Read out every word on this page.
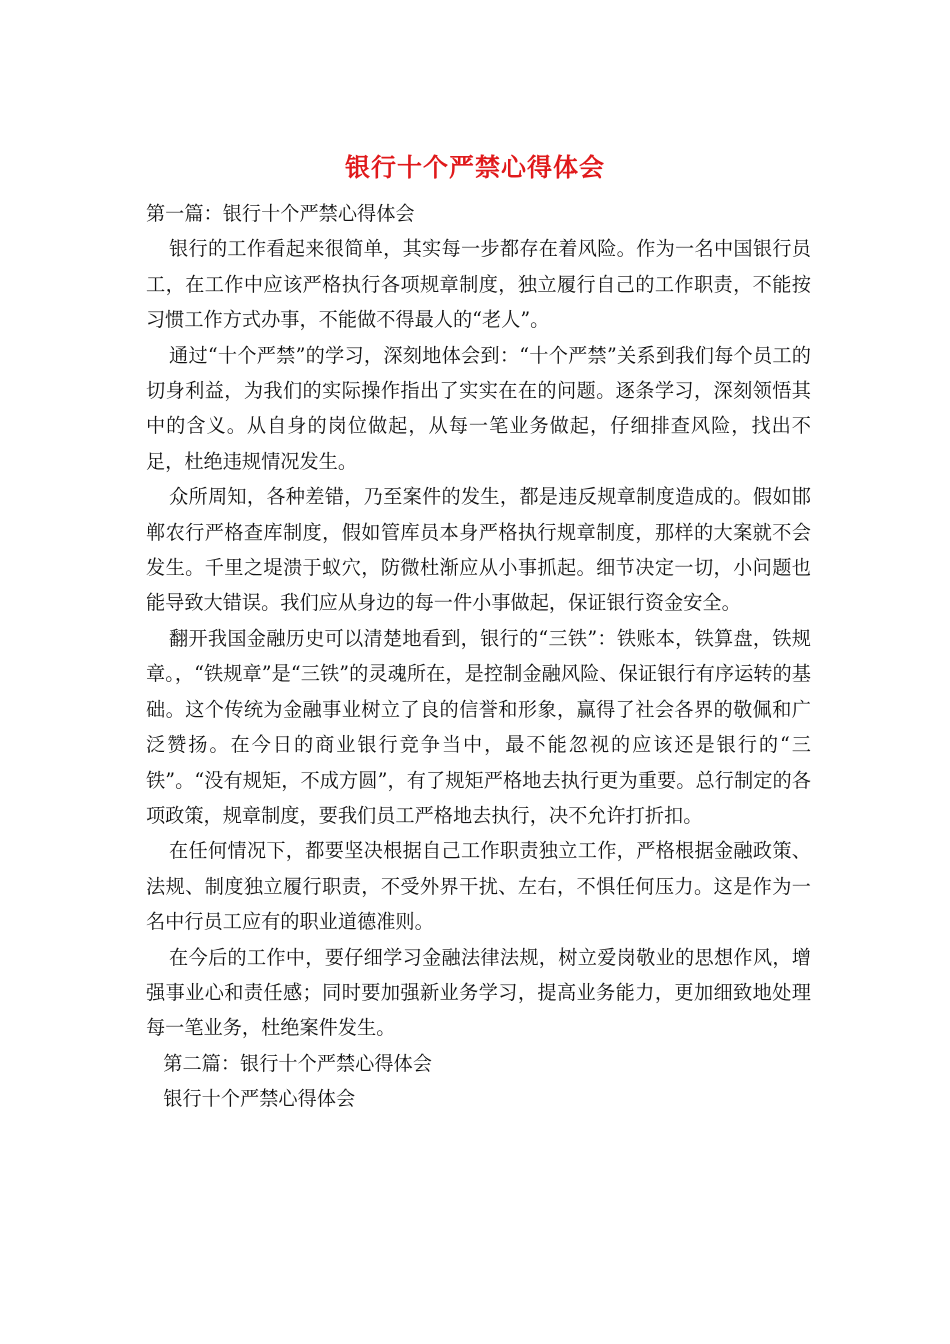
银行十个严禁心得体会

第一篇：银行十个严禁心得体会

银行的工作看起来很简单，其实每一步都存在着风险。作为一名中国银行员工，在工作中应该严格执行各项规章制度，独立履行自己的工作职责，不能按习惯工作方式办事，不能做不得最人的“老人”。

通过“十个严禁”的学习，深刻地体会到：“十个严禁”关系到我们每个员工的切身利益，为我们的实际操作指出了实实在在的问题。逐条学习，深刻领悟其中的含义。从自身的岗位做起，从每一笔业务做起，仔细排查风险，找出不足，杜绝违规情况发生。

众所周知，各种差错，乃至案件的发生，都是违反规章制度造成的。假如邯郸农行严格查库制度，假如管库员本身严格执行规章制度，那样的大案就不会发生。千里之堤溃于蚁穴，防微杜渐应从小事抓起。细节决定一切，小问题也能导致大错误。我们应从身边的每一件小事做起，保证银行资金安全。

翻开我国金融历史可以清楚地看到，银行的“三铁”：铁账本，铁算盘，铁规章。，“铁规章”是“三铁”的灵魂所在，是控制金融风险、保证银行有序运转的基础。这个传统为金融事业树立了良的信誉和形象，赢得了社会各界的敬佩和广泛赞扬。在今日的商业银行竞争当中，最不能忽视的应该还是银行的“三铁”。“没有规矩，不成方圆”，有了规矩严格地去执行更为重要。总行制定的各项政策，规章制度，要我们员工严格地去执行，决不允许打折扣。

在任何情况下，都要坚决根据自己工作职责独立工作，严格根据金融政策、法规、制度独立履行职责，不受外界干扰、左右，不惧任何压力。这是作为一名中行员工应有的职业道德准则。

在今后的工作中，要仔细学习金融法律法规，树立爱岗敬业的思想作风，增强事业心和责任感；同时要加强新业务学习，提高业务能力，更加细致地处理每一笔业务，杜绝案件发生。

第二篇：银行十个严禁心得体会

银行十个严禁心得体会
